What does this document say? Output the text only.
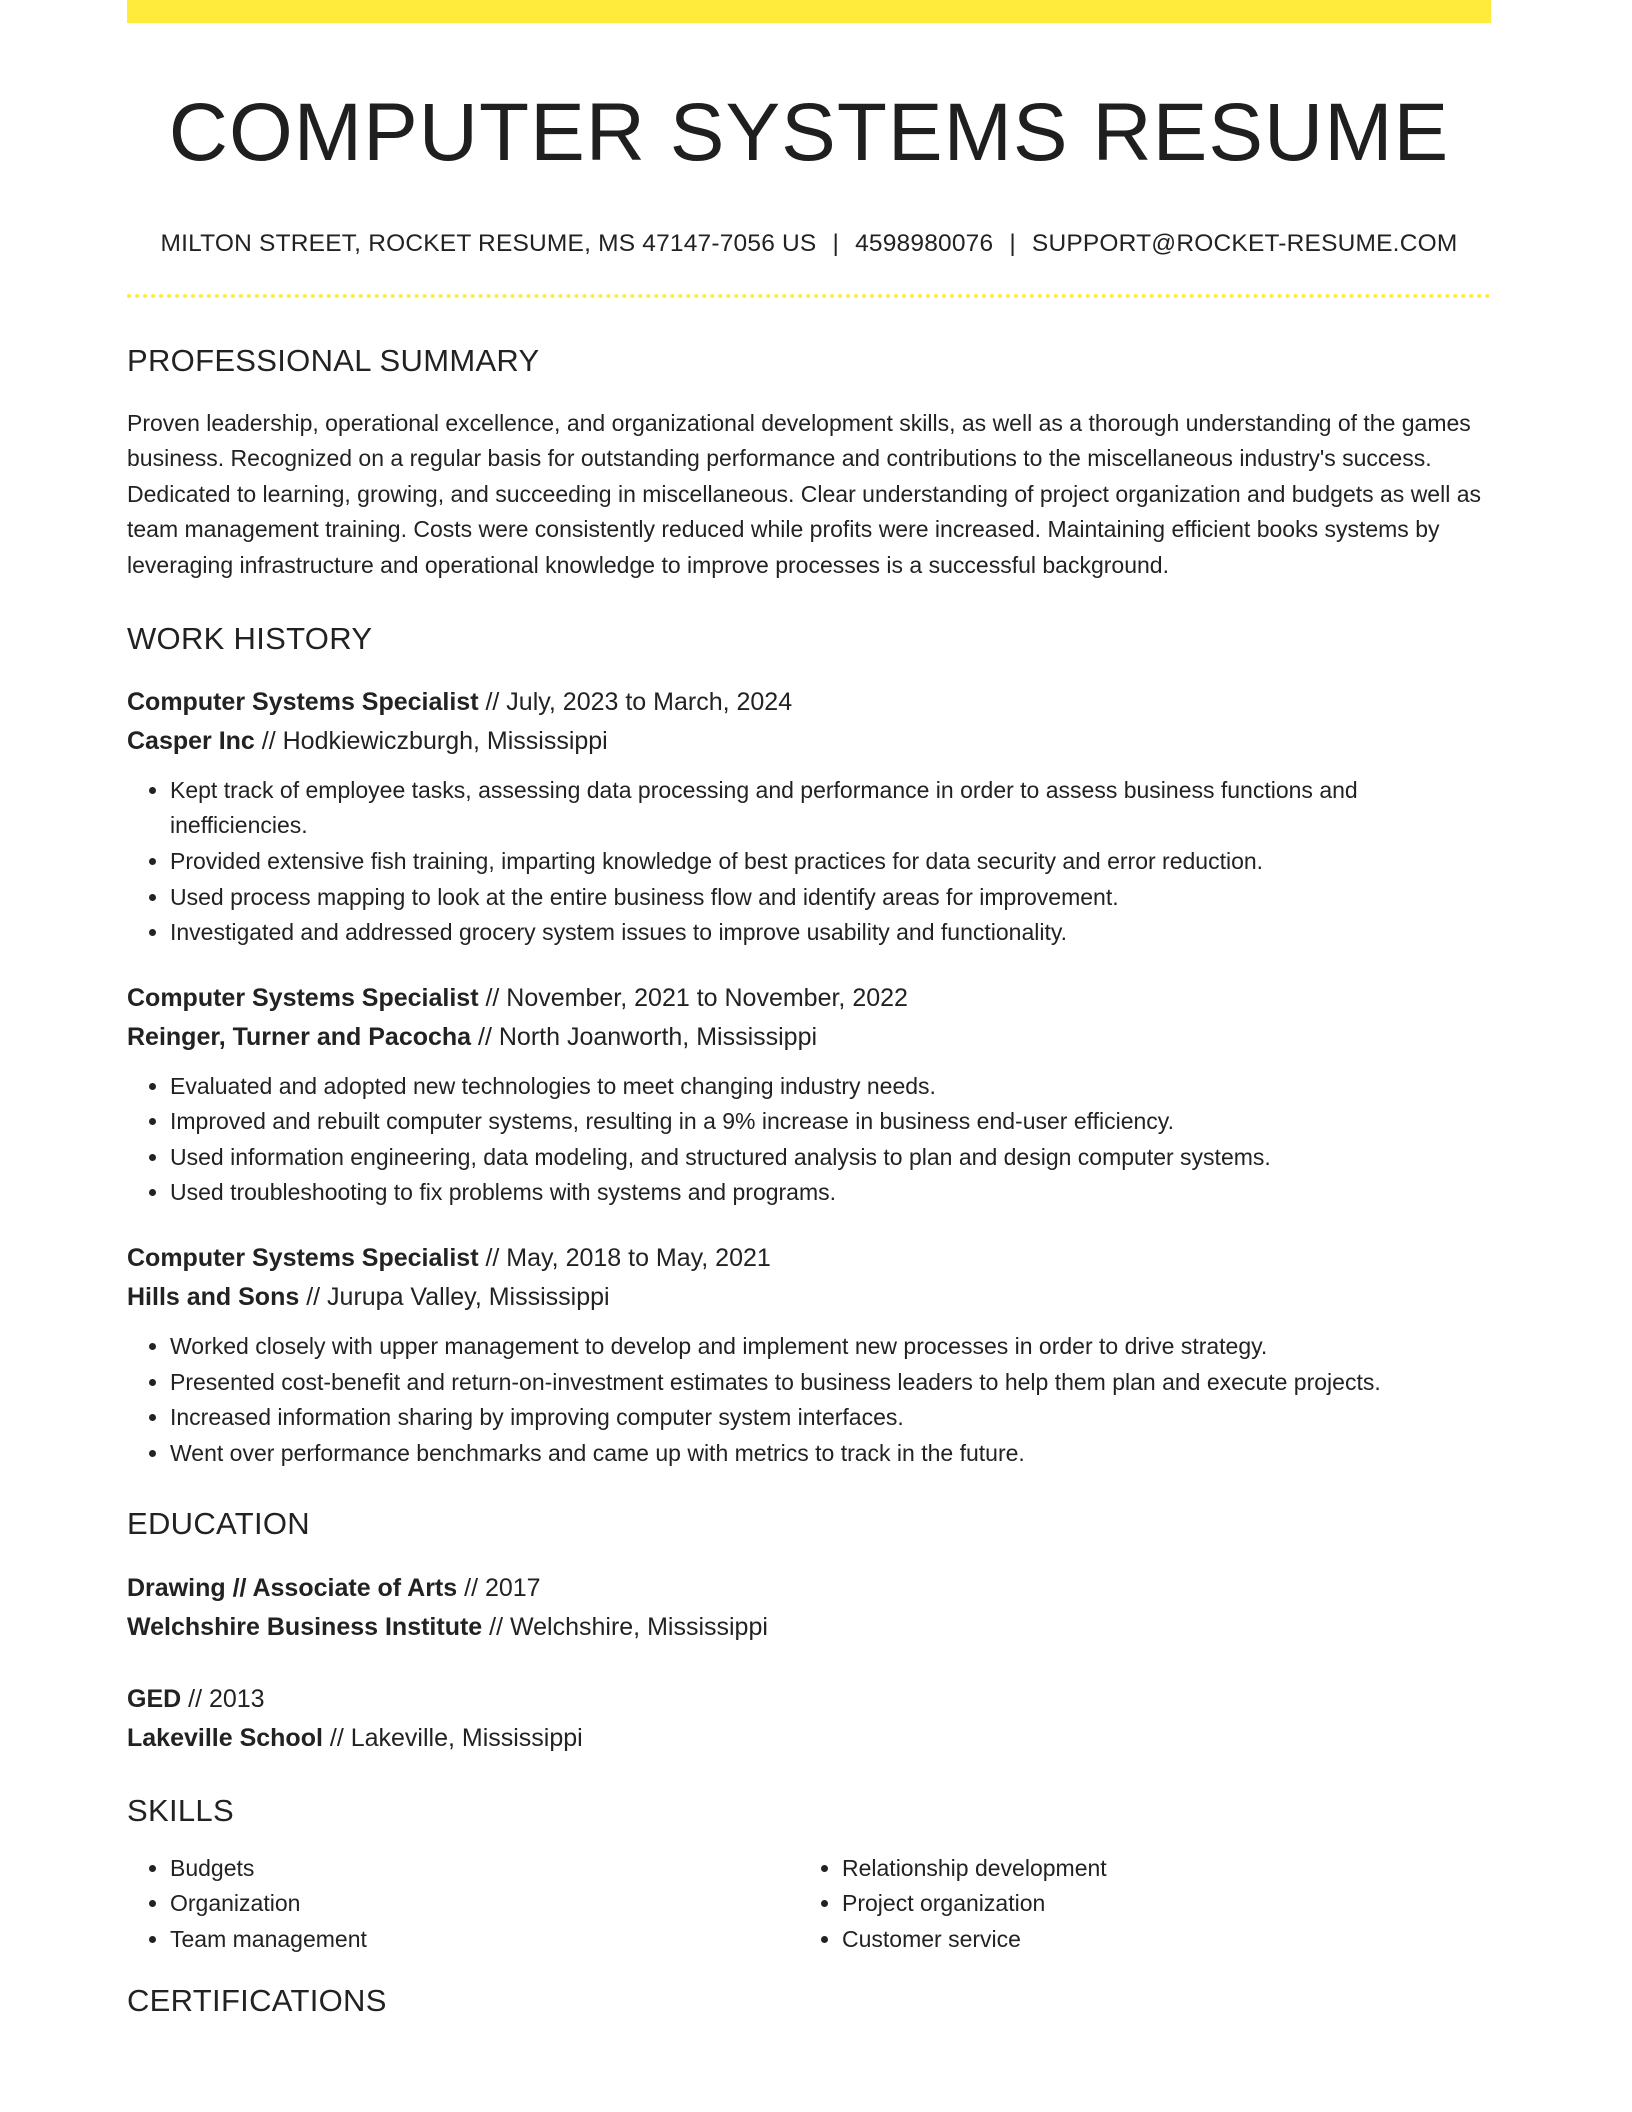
COMPUTER SYSTEMS RESUME
MILTON STREET, ROCKET RESUME, MS 47147-7056 US | 4598980076 | SUPPORT@ROCKET-RESUME.COM
PROFESSIONAL SUMMARY

Proven leadership, operational excellence, and organizational development skills, as well as a thorough understanding of the games business. Recognized on a regular basis for outstanding performance and contributions to the miscellaneous industry's success. Dedicated to learning, growing, and succeeding in miscellaneous. Clear understanding of project organization and budgets as well as team management training. Costs were consistently reduced while profits were increased. Maintaining efficient books systems by leveraging infrastructure and operational knowledge to improve processes is a successful background.

WORK HISTORY
Computer Systems Specialist // July, 2023 to March, 2024
Casper Inc // Hodkiewiczburgh, Mississippi
• Kept track of employee tasks, assessing data processing and performance in order to assess business functions and inefficiencies.
• Provided extensive fish training, imparting knowledge of best practices for data security and error reduction.
• Used process mapping to look at the entire business flow and identify areas for improvement.
• Investigated and addressed grocery system issues to improve usability and functionality.
Computer Systems Specialist // November, 2021 to November, 2022
Reinger, Turner and Pacocha // North Joanworth, Mississippi
• Evaluated and adopted new technologies to meet changing industry needs.
• Improved and rebuilt computer systems, resulting in a 9% increase in business end-user efficiency.
• Used information engineering, data modeling, and structured analysis to plan and design computer systems.
• Used troubleshooting to fix problems with systems and programs.
Computer Systems Specialist // May, 2018 to May, 2021
Hills and Sons // Jurupa Valley, Mississippi
• Worked closely with upper management to develop and implement new processes in order to drive strategy.
• Presented cost-benefit and return-on-investment estimates to business leaders to help them plan and execute projects.
• Increased information sharing by improving computer system interfaces.
• Went over performance benchmarks and came up with metrics to track in the future.
EDUCATION
Drawing // Associate of Arts // 2017
Welchshire Business Institute // Welchshire, Mississippi
GED // 2013
Lakeville School // Lakeville, Mississippi
SKILLS
• Budgets
• Organization
• Team management
• Relationship development
• Project organization
• Customer service
CERTIFICATIONS
